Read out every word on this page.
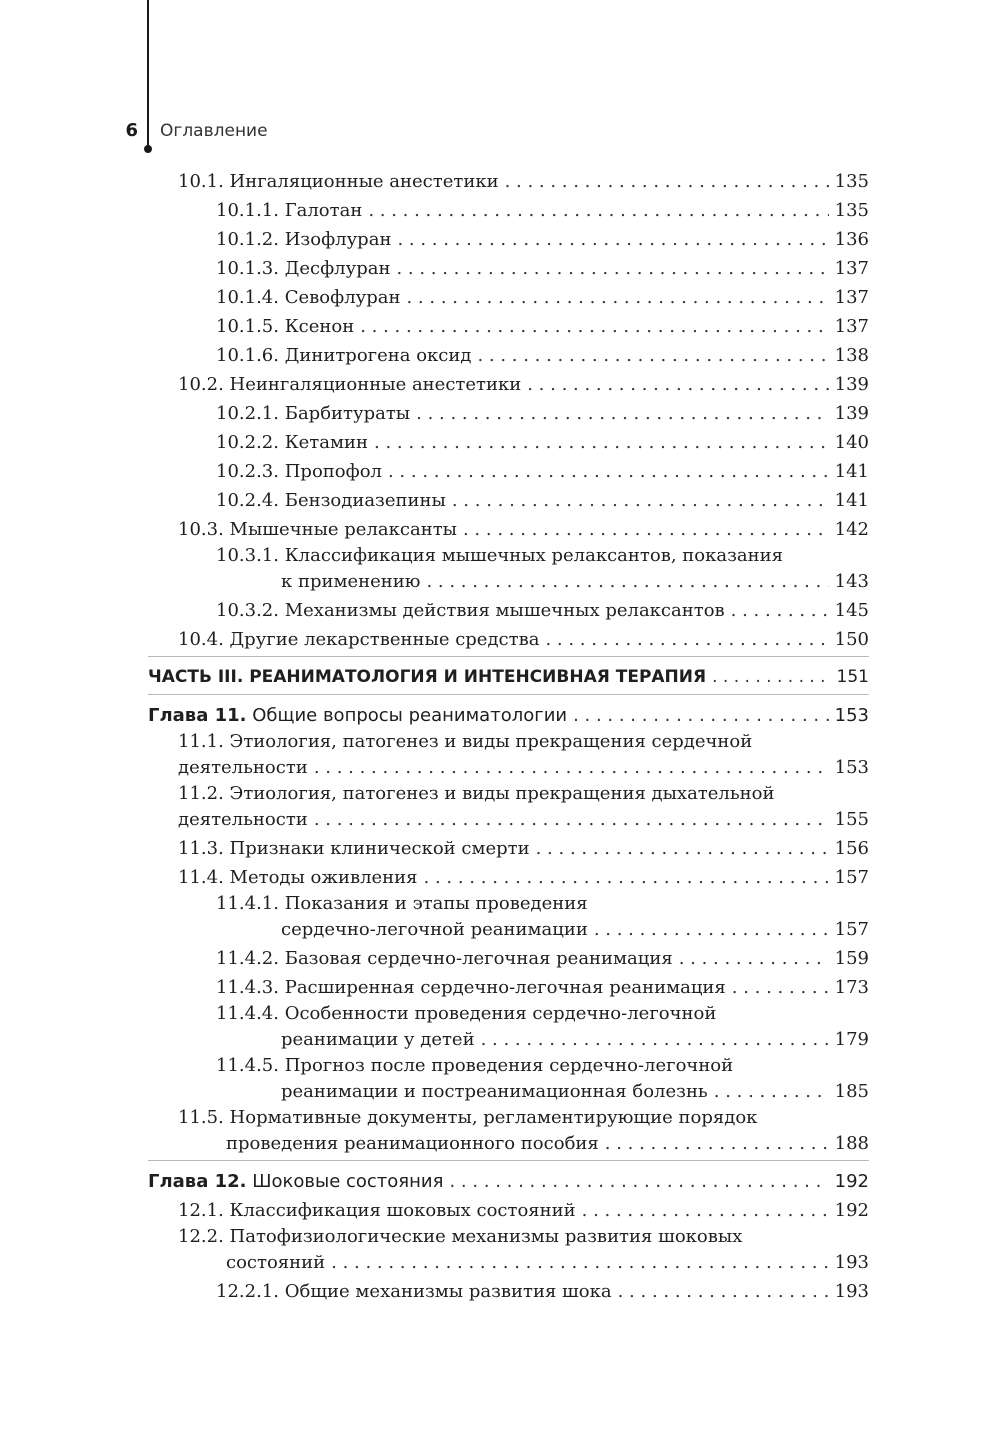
6 Оглавление
10.1. Ингаляционные анестетики . . .	135
10.1.1. Галотан . . .	135
10.1.2. Изофлуран . . .	136
10.1.3. Десфлуран . . .	137
10.1.4. Севофлуран . . .	137
10.1.5. Ксенон . . .	137
10.1.6. Динитрогена оксид . . .	138
10.2. Неингаляционные анестетики . . .	139
10.2.1. Барбитураты . . .	139
10.2.2. Кетамин . . .	140
10.2.3. Пропофол . . .	141
10.2.4. Бензодиазепины . . .	141
10.3. Мышечные релаксанты . . .	142
10.3.1. Классификация мышечных релаксантов, показания
к применению . . .	143
10.3.2. Механизмы действия мышечных релаксантов . . .	145
10.4. Другие лекарственные средства . . .	150
ЧАСТЬ III. РЕАНИМАТОЛОГИЯ И ИНТЕНСИВНАЯ ТЕРАПИЯ . . .	151
Глава 11. Общие вопросы реаниматологии . . .	153
11.1. Этиология, патогенез и виды прекращения сердечной
деятельности . . .	153
11.2. Этиология, патогенез и виды прекращения дыхательной
деятельности . . .	155
11.3. Признаки клинической смерти . . .	156
11.4. Методы оживления . . .	157
11.4.1. Показания и этапы проведения
сердечно-легочной реанимации . . .	157
11.4.2. Базовая сердечно-легочная реанимация . . .	159
11.4.3. Расширенная сердечно-легочная реанимация . . .	173
11.4.4. Особенности проведения сердечно-легочной
реанимации у детей . . .	179
11.4.5. Прогноз после проведения сердечно-легочной
реанимации и постреанимационная болезнь . . .	185
11.5. Нормативные документы, регламентирующие порядок
проведения реанимационного пособия . . .	188
Глава 12. Шоковые состояния . . .	192
12.1. Классификация шоковых состояний . . .	192
12.2. Патофизиологические механизмы развития шоковых
состояний . . .	193
12.2.1. Общие механизмы развития шока . . .	193
